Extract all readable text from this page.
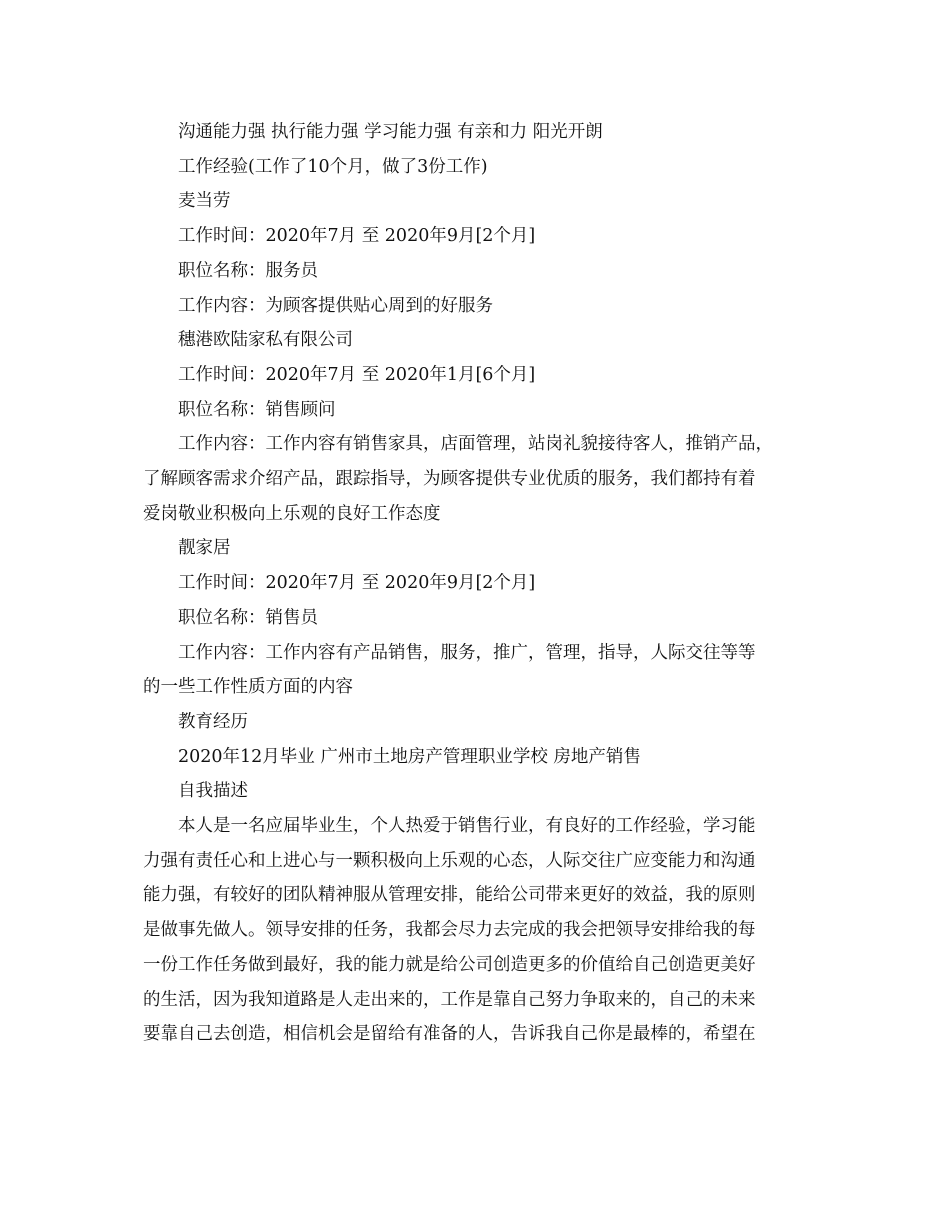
沟通能力强 执行能力强 学习能力强 有亲和力 阳光开朗

工作经验(工作了10个月，做了3份工作)

麦当劳

工作时间：2020年7月 至 2020年9月[2个月]

职位名称：服务员

工作内容：为顾客提供贴心周到的好服务

穗港欧陆家私有限公司

工作时间：2020年7月 至 2020年1月[6个月]

职位名称：销售顾问

工作内容：工作内容有销售家具，店面管理，站岗礼貌接待客人，推销产品，

了解顾客需求介绍产品，跟踪指导，为顾客提供专业优质的服务，我们都持有着

爱岗敬业积极向上乐观的良好工作态度

靓家居

工作时间：2020年7月 至 2020年9月[2个月]

职位名称：销售员

工作内容：工作内容有产品销售，服务，推广，管理，指导，人际交往等等

的一些工作性质方面的内容

教育经历

2020年12月毕业 广州市土地房产管理职业学校 房地产销售

自我描述

本人是一名应届毕业生，个人热爱于销售行业，有良好的工作经验，学习能

力强有责任心和上进心与一颗积极向上乐观的心态，人际交往广应变能力和沟通

能力强，有较好的团队精神服从管理安排，能给公司带来更好的效益，我的原则

是做事先做人。领导安排的任务，我都会尽力去完成的我会把领导安排给我的每

一份工作任务做到最好，我的能力就是给公司创造更多的价值给自己创造更美好

的生活，因为我知道路是人走出来的，工作是靠自己努力争取来的，自己的未来

要靠自己去创造，相信机会是留给有准备的人，告诉我自己你是最棒的，希望在
